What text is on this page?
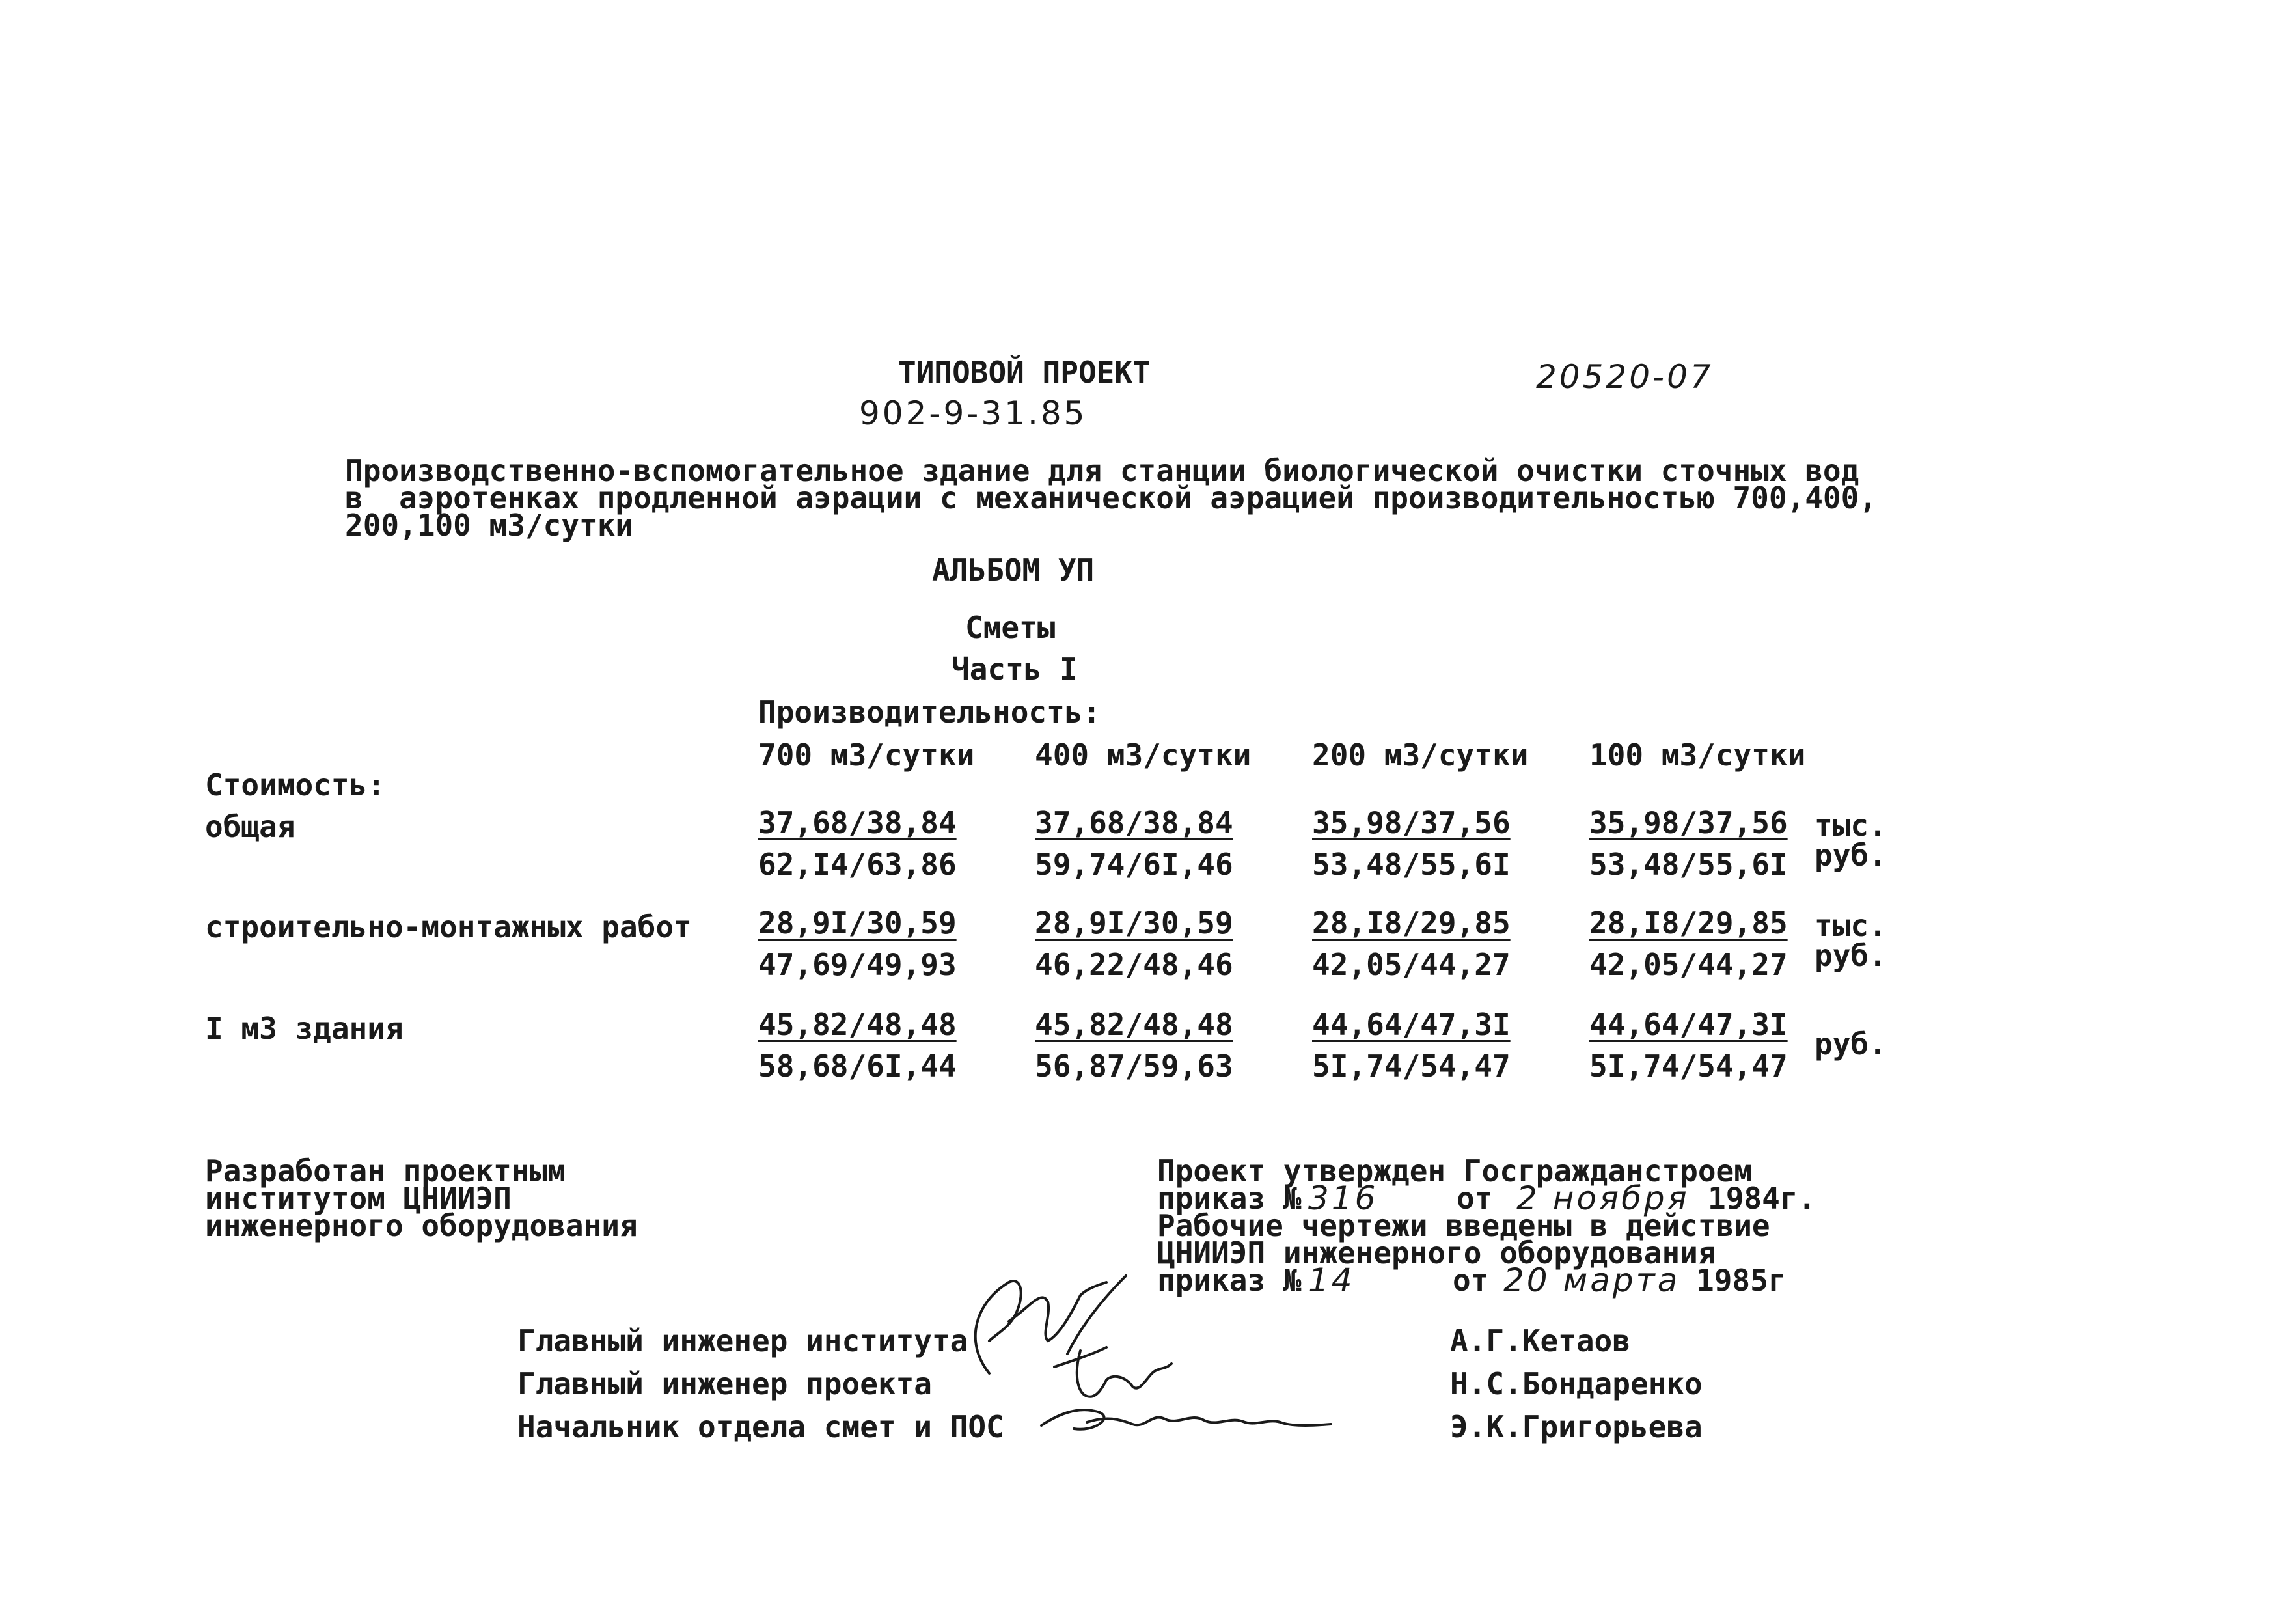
ТИПОВОЙ ПРОЕКТ
902-9-31.85
20520-07
Производственно-вспомогательное здание для станции биологической очистки сточных вод
в  аэротенках продленной аэрации с механической аэрацией производительностью 700,400,
200,100 м3/сутки
АЛЬБОМ УП
Сметы
Часть I
Производительность:
700 м3/сутки 400 м3/сутки 200 м3/сутки 100 м3/сутки
Стоимость:
общая	37,68/38,84	37,68/38,84	35,98/37,56	35,98/37,56
62,I4/63,86	59,74/6I,46	53,48/55,6I	53,48/55,6I
тыс.
руб.
строительно-монтажных работ 28,9I/30,59	28,9I/30,59	28,I8/29,85	28,I8/29,85
47,69/49,93	46,22/48,46	42,05/44,27	42,05/44,27
тыс.
руб.
I м3 здания	45,82/48,48	45,82/48,48	44,64/47,3I	44,64/47,3I
58,68/6I,44	56,87/59,63	5I,74/54,47	5I,74/54,47
руб.
Разработан проектным
институтом ЦНИИЭП
инженерного оборудования
Проект утвержден Госгражданстроем
приказ № 316	от 2 ноября 1984г.
Рабочие чертежи введены в действие
ЦНИИЭП инженерного оборудования
приказ № 14	от 20 марта 1985г
Главный инженер института
Главный инженер проекта
Начальник отдела смет и ПОС
А.Г.Кетаов
Н.С.Бондаренко
Э.К.Григорьева
